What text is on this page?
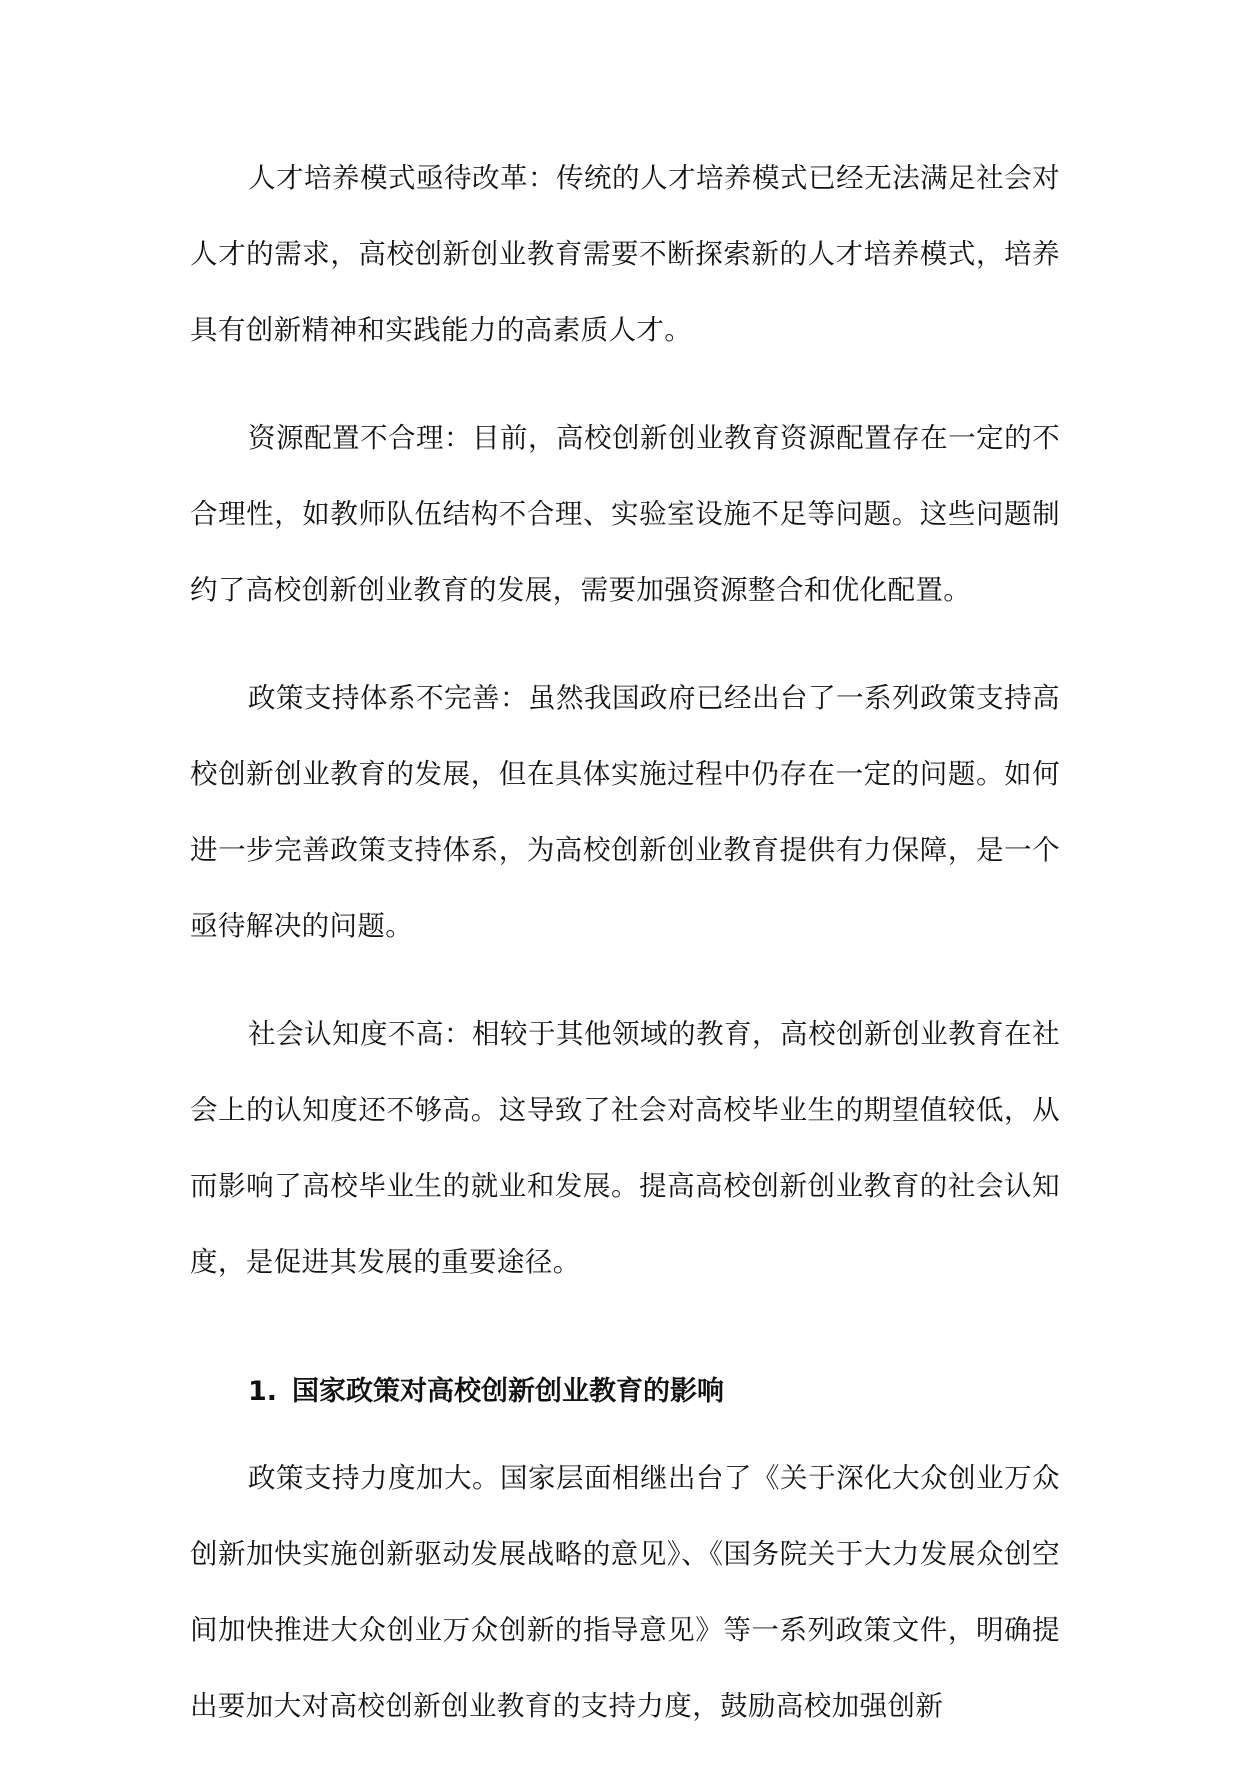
人才培养模式亟待改革：传统的人才培养模式已经无法满足社会对人才的需求，高校创新创业教育需要不断探索新的人才培养模式，培养具有创新精神和实践能力的高素质人才。

资源配置不合理：目前，高校创新创业教育资源配置存在一定的不合理性，如教师队伍结构不合理、实验室设施不足等问题。这些问题制约了高校创新创业教育的发展，需要加强资源整合和优化配置。

政策支持体系不完善：虽然我国政府已经出台了一系列政策支持高校创新创业教育的发展，但在具体实施过程中仍存在一定的问题。如何进一步完善政策支持体系，为高校创新创业教育提供有力保障，是一个亟待解决的问题。

社会认知度不高：相较于其他领域的教育，高校创新创业教育在社会上的认知度还不够高。这导致了社会对高校毕业生的期望值较低，从而影响了高校毕业生的就业和发展。提高高校创新创业教育的社会认知度，是促进其发展的重要途径。

1. 国家政策对高校创新创业教育的影响

政策支持力度加大。国家层面相继出台了《关于深化大众创业万众创新加快实施创新驱动发展战略的意见》、《国务院关于大力发展众创空间加快推进大众创业万众创新的指导意见》等一系列政策文件，明确提出要加大对高校创新创业教育的支持力度，鼓励高校加强创新
